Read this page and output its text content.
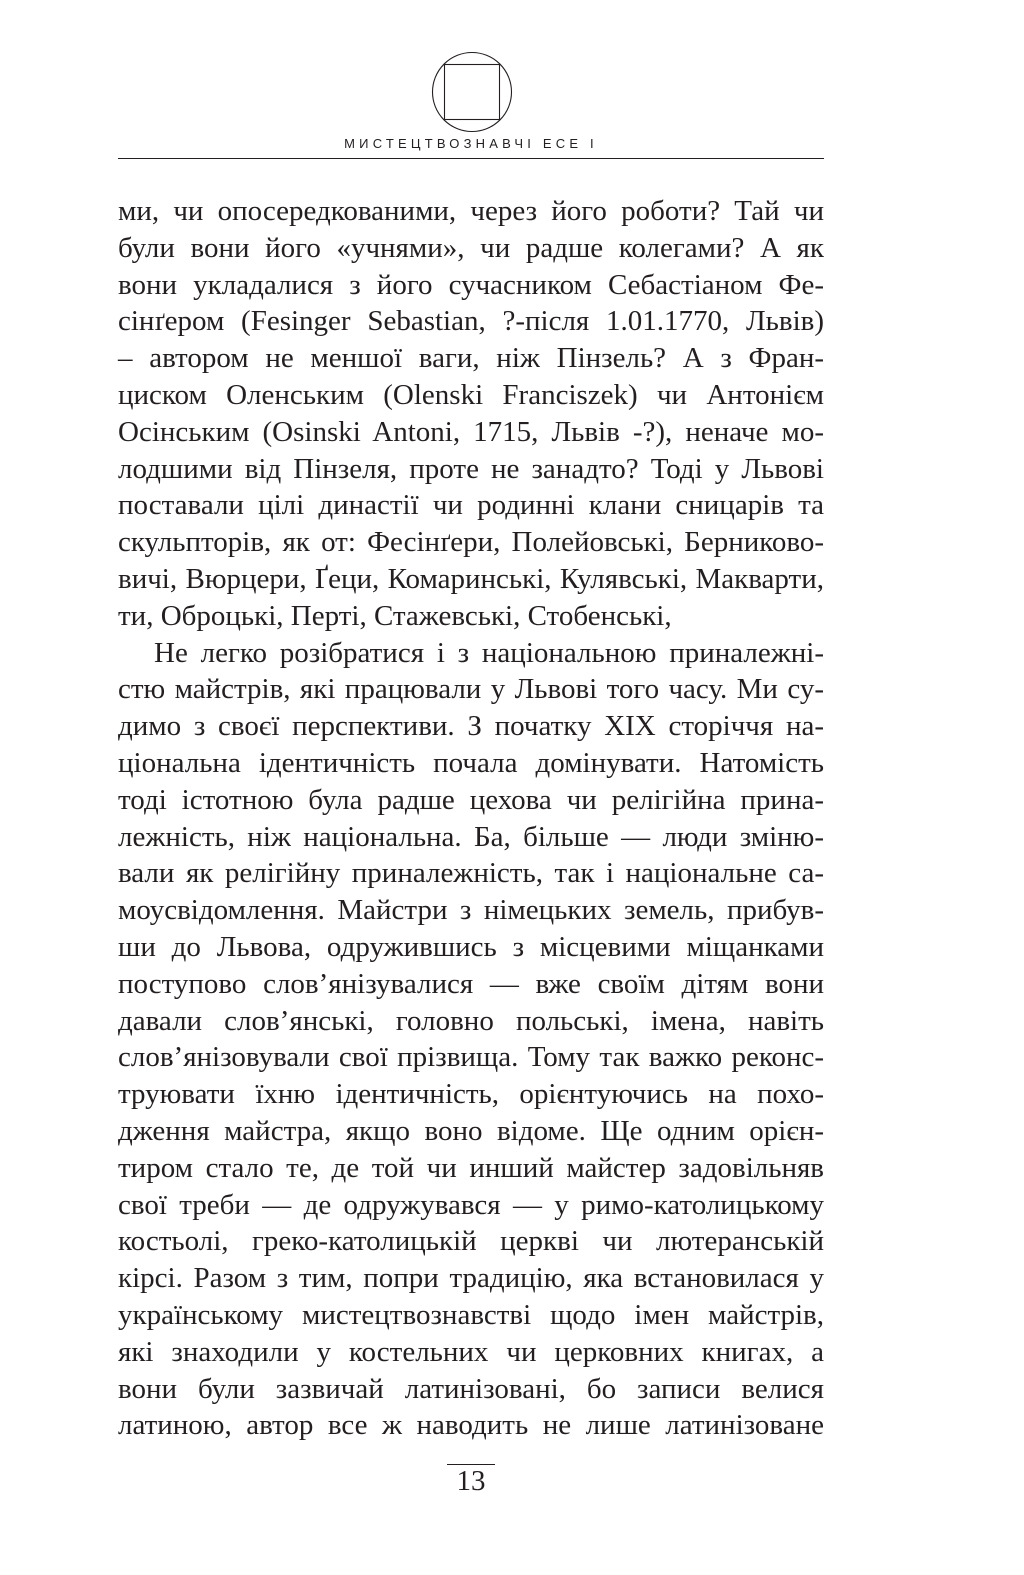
МИСТЕЦТВОЗНАВЧІ ЕСЕ І
ми, чи опосередкованими, через його роботи? Тай чи
були вони його «учнями», чи радше колегами? А як
вони укладалися з його сучасником Себастіаном Фе-
сінґером (Fesinger Sebastian, ?-після 1.01.1770, Львів)
– автором не меншої ваги, ніж Пінзель? А з Фран-
циском Оленським (Olenski Franciszek) чи Антонієм
Осінським (Osinski Antoni, 1715, Львів -?), неначе мо-
лодшими від Пінзеля, проте не занадто? Тоді у Львові
поставали цілі династії чи родинні клани сницарів та
скульпторів, як от: Фесінґери, Полейовські, Берниково-
вичі, Вюрцери, Ґеци, Комаринські, Кулявські, Макварти,
ти, Оброцькі, Перті, Стажевські, Стобенські,
Не легко розібратися і з національною приналежні-
стю майстрів, які працювали у Львові того часу. Ми су-
димо з своєї перспективи. З початку XIX сторіччя на-
ціональна ідентичність почала домінувати. Натомість
тоді істотною була радше цехова чи релігійна прина-
лежність, ніж національна. Ба, більше — люди зміню-
вали як релігійну приналежність, так і національне са-
моусвідомлення. Майстри з німецьких земель, прибув-
ши до Львова, одружившись з місцевими міщанками
поступово слов’янізувалися — вже своїм дітям вони
давали слов’янські, головно польські, імена, навіть
слов’янізовували свої прізвища. Тому так важко реконс-
труювати їхню ідентичність, орієнтуючись на похо-
дження майстра, якщо воно відоме. Ще одним орієн-
тиром стало те, де той чи инший майстер задовільняв
свої треби — де одружувався — у римо-католицькому
костьолі, греко-католицькій церкві чи лютеранській
кірсі. Разом з тим, попри традицію, яка встановилася у
українському мистецтвознавстві щодо імен майстрів,
які знаходили у костельних чи церковних книгах, а
вони були зазвичай латинізовані, бо записи велися
латиною, автор все ж наводить не лише латинізоване
13
